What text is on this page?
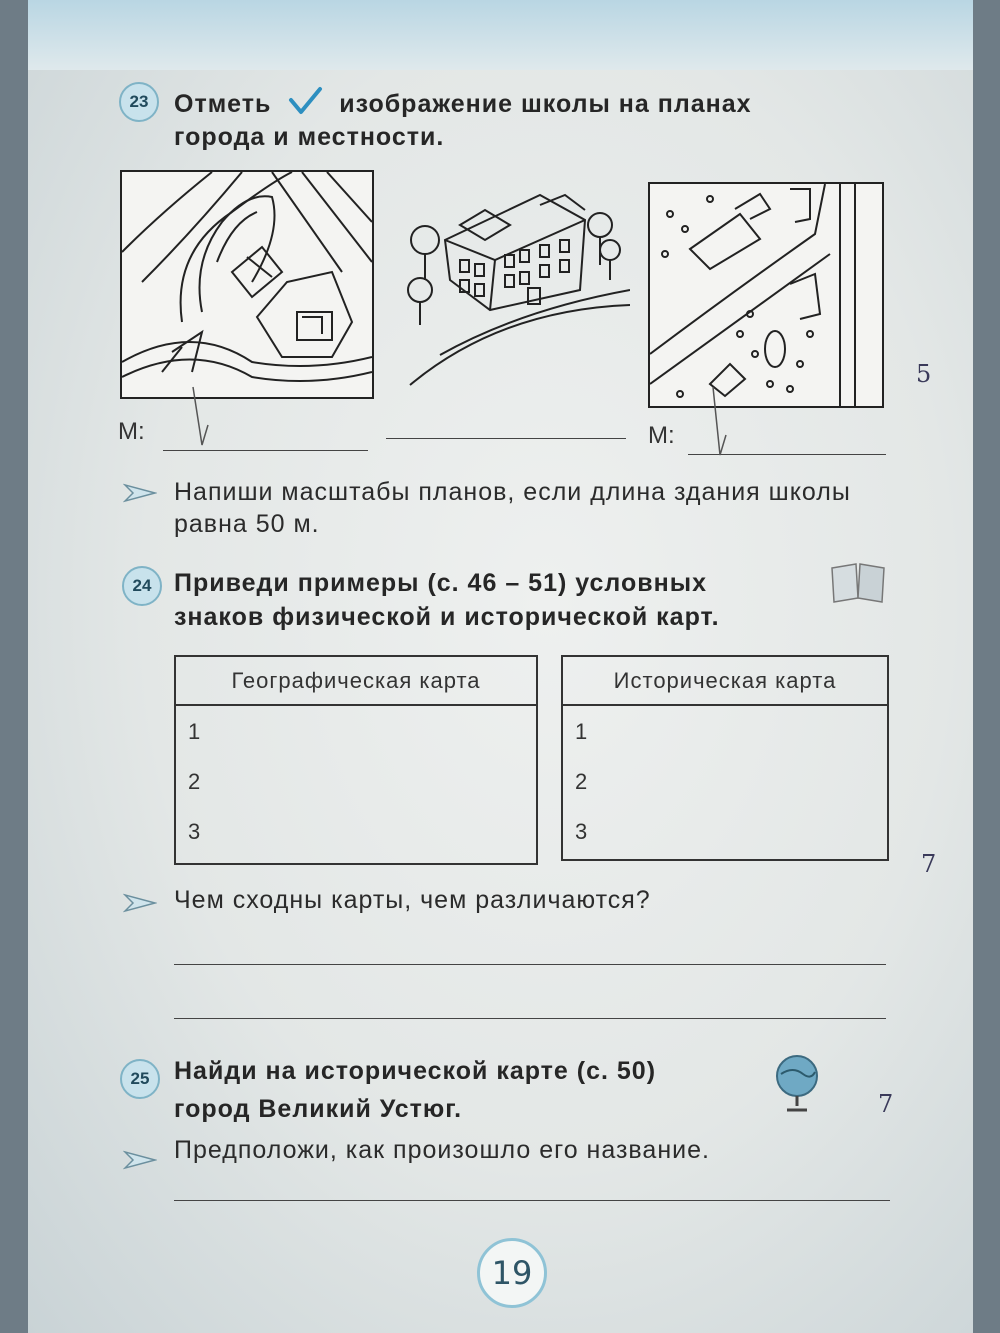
23	Отметь	изображение школы на планах
города и местности.
М:	М:
Напиши масштабы планов, если длина здания школы равна 50 м.
24 Приведи примеры (с. 46 – 51) условных
знаков физической и исторической карт.
Географическая карта
1
2
3
Историческая карта
1
2
3
Чем сходны карты, чем различаются?
25 Найди на исторической карте (с. 50)
город Великий Устюг.
Предположи, как произошло его название.
5
7
7
19
